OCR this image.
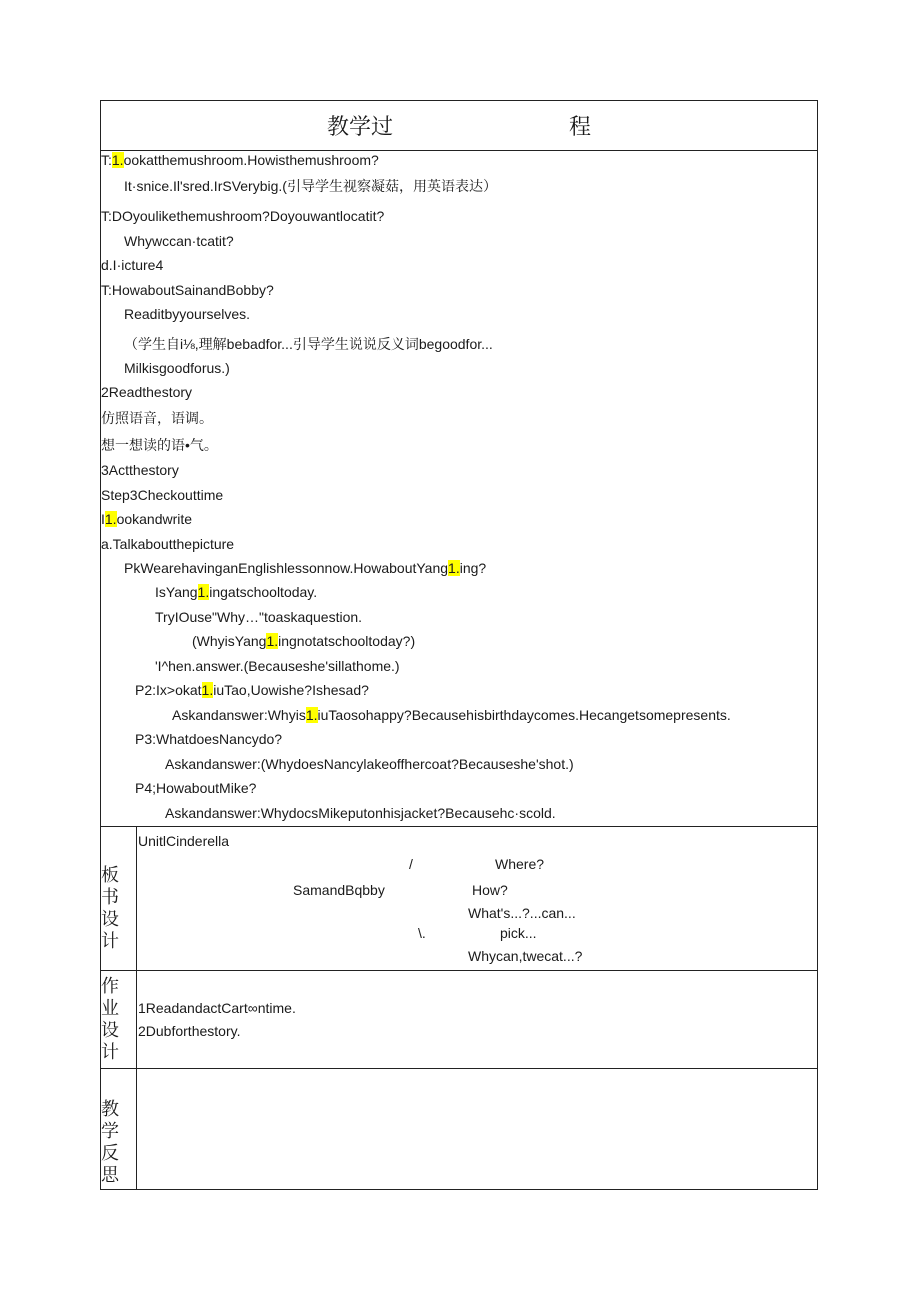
教学过	程
T:1.ookatthemushroom.Howisthemushroom?
It·snice.Il'sred.IrSVerybig.(引导学生视察凝菇，用英语表达）
T:DOyoulikethemushroom?Doyouwantlocatit?
Whywccan·tcatit?
d.I·icture4
T:HowaboutSainandBobby?
Readitbyyourselves.
（学生自i⅛,理解bebadfor...引导学生说说反义词begoodfor...
Milkisgoodforus.)
2Readthestory
仿照语音，语调。
想一想读的语•气。
3Actthestory
Step3Checkouttime
I1.ookandwrite
a.Talkaboutthepicture
PkWearehavinganEnglishlessonnow.HowaboutYang1.ing?
IsYang1.ingatschooltoday.
TryIOuse"Why…"toaskaquestion.
(WhyisYang1.ingnotatschooltoday?)
'I^hen.answer.(Becauseshe'sillathome.)
P2:Ix>okat1.iuTao,Uowishe?Ishesad?
Askandanswer:Whyis1.iuTaosohappy?Becausehisbirthdaycomes.Hecangetsomepresents.
P3:WhatdoesNancydo?
Askandanswer:(WhydoesNancylakeoffhercoat?Becauseshe'shot.)
P4;HowaboutMike?
Askandanswer:WhydocsMikeputonhisjacket?Becausehc·scold.
板
书
设
计
UnitlCinderella
/	Where?
SamandBqbby	How?
What's...?...can...
\.	pick...
Whycan,twecat...?
作
业
设
计
1ReadandactCart∞ntime.
2Dubforthestory.
教
学
反
思
